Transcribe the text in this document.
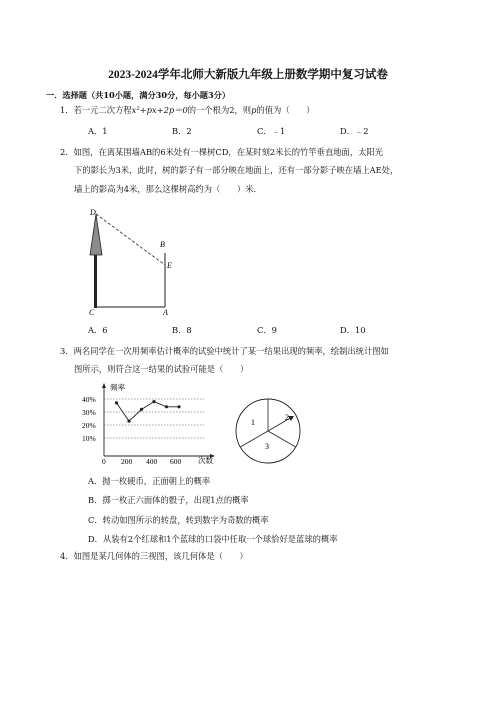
2023-2024学年北师大新版九年级上册数学期中复习试卷
一．选择题（共10小题，满分30分，每小题3分）
1．若一元二次方程x²+px+2p＝0的一个根为2，则p的值为（　　）
A．1	B．2	C．﹣1	D．﹣2
2．如图，在离某围墙AB的6米处有一棵树CD，在某时刻2米长的竹竿垂直地面，太阳光
下的影长为3米，此时，树的影子有一部分映在地面上，还有一部分影子映在墙上AE处，
墙上的影高为4米，那么这棵树高约为（　　）米．
D
B
E
C	A
A．6	B．8	C．9	D．10
3．两名同学在一次用频率估计概率的试验中统计了某一结果出现的频率，绘制出统计图如
图所示，则符合这一结果的试验可能是（　　）
频率
次数
40%
30%
20%
10%
0 200 400 600
1
2
3
A．抛一枚硬币，正面朝上的概率
B．掷一枚正六面体的骰子，出现1点的概率
C．转动如图所示的转盘，转到数字为奇数的概率
D．从装有2个红球和1个蓝球的口袋中任取一个球恰好是蓝球的概率
4．如图是某几何体的三视图，该几何体是（　　）
